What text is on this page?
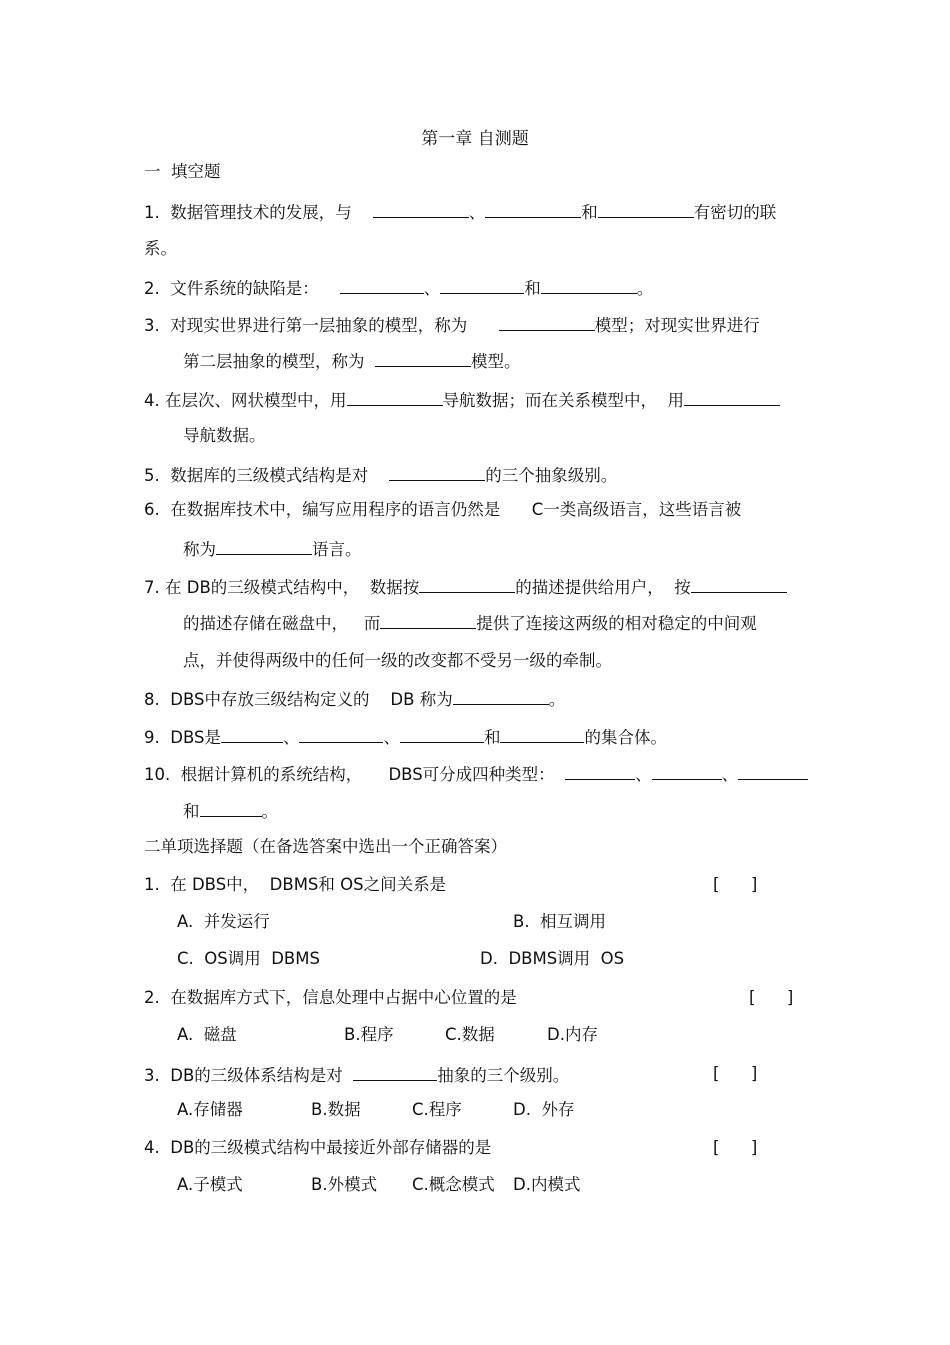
第一章 自测题
一  填空题
1.  数据管理技术的发展，与	、	和	有密切的联
系。
2.  文件系统的缺陷是：	、	和	。
3.  对现实世界进行第一层抽象的模型，称为	模型；对现实世界进行
第二层抽象的模型，称为	模型。
4. 在层次、网状模型中，用	导航数据；而在关系模型中，  用
导航数据。
5.  数据库的三级模式结构是对	的三个抽象级别。
6.  在数据库技术中，编写应用程序的语言仍然是      C一类高级语言，这些语言被
称为	语言。
7. 在 DB的三级模式结构中，  数据按	的描述提供给用户，  按
的描述存储在磁盘中，   而	提供了连接这两级的相对稳定的中间观
点，并使得两级中的任何一级的改变都不受另一级的牵制。
8.  DBS中存放三级结构定义的    DB 称为	。
9.  DBS是	、	、	和	的集合体。
10.  根据计算机的系统结构，     DBS可分成四种类型：	、	、
和	。
二单项选择题（在备选答案中选出一个正确答案）
1.  在 DBS中，  DBMS和 OS之间关系是	[      ]
A.  并发运行	B.  相互调用
C.  OS调用  DBMS	D.  DBMS调用  OS
2.  在数据库方式下，信息处理中占据中心位置的是	[      ]
A.  磁盘	B.程序	C.数据	D.内存
3.  DB的三级体系结构是对	抽象的三个级别。	[      ]
A.存储器	B.数据	C.程序	D.  外存
4.  DB的三级模式结构中最接近外部存储器的是	[      ]
A.子模式	B.外模式 C.概念模式 D.内模式
